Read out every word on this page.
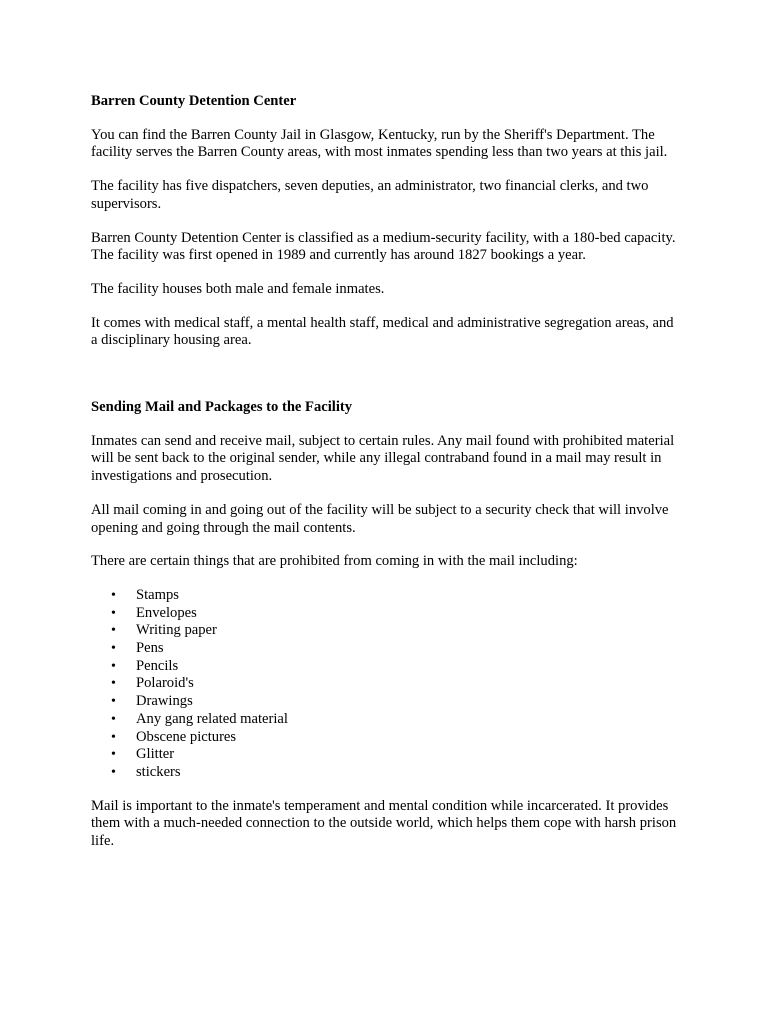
Barren County Detention Center

You can find the Barren County Jail in Glasgow, Kentucky, run by the Sheriff's Department. The facility serves the Barren County areas, with most inmates spending less than two years at this jail.

The facility has five dispatchers, seven deputies, an administrator, two financial clerks, and two supervisors.

Barren County Detention Center is classified as a medium-security facility, with a 180-bed capacity. The facility was first opened in 1989 and currently has around 1827 bookings a year.

The facility houses both male and female inmates.

It comes with medical staff, a mental health staff, medical and administrative segregation areas, and a disciplinary housing area.

Sending Mail and Packages to the Facility

Inmates can send and receive mail, subject to certain rules. Any mail found with prohibited material will be sent back to the original sender, while any illegal contraband found in a mail may result in investigations and prosecution.

All mail coming in and going out of the facility will be subject to a security check that will involve opening and going through the mail contents.

There are certain things that are prohibited from coming in with the mail including:

• Stamps
• Envelopes
• Writing paper
• Pens
• Pencils
• Polaroid's
• Drawings
• Any gang related material
• Obscene pictures
• Glitter
• stickers

Mail is important to the inmate's temperament and mental condition while incarcerated. It provides them with a much-needed connection to the outside world, which helps them cope with harsh prison life.
